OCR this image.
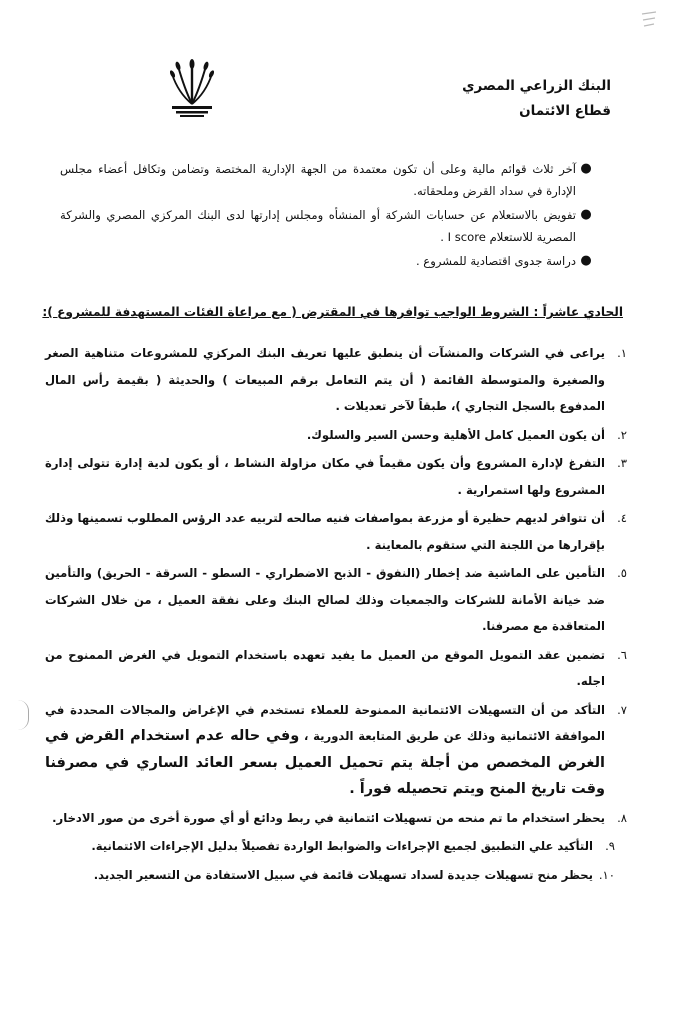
البنك الزراعي المصري
قطاع الائتمان
●
آخر ثلاث قوائم مالية وعلى أن تكون معتمدة من الجهة الإدارية المختصة وتضامن وتكافل أعضاء مجلس الإدارة في سداد القرض وملحقاته.
●
تفويض بالاستعلام عن حسابات الشركة أو المنشأه ومجلس إدارتها لدى البنك المركزي المصري والشركة المصرية للاستعلام I score .
●
دراسة جدوى اقتصادية للمشروع .
الحادي عاشراً : الشروط الواجب توافرها في المقترض ( مع مراعاة الفئات المستهدفة للمشروع ):
١.
يراعى في الشركات والمنشآت أن ينطبق عليها تعريف البنك المركزي للمشروعات متناهية الصغر والصغيرة والمتوسطة القائمة ( أن يتم التعامل برقم المبيعات ) والحديثة ( بقيمة رأس المال المدفوع بالسجل التجاري )، طبقاً لآخر تعديلات .
٢.
أن يكون العميل كامل الأهلية وحسن السير والسلوك.
٣.
التفرغ لإدارة المشروع وأن يكون مقيماً في مكان مزاولة النشاط ، أو يكون لدية إدارة تتولى إدارة المشروع ولها استمرارية .
٤.
أن تتوافر لديهم حظيرة أو مزرعة بمواصفات فنيه صالحه لتربيه عدد الرؤس المطلوب تسمينها وذلك بإقرارها من اللجنة التي ستقوم بالمعاينة .
٥.
التأمين على الماشية ضد إخطار (النفوق - الذبح الاضطراري - السطو - السرقة - الحريق) والتأمين ضد خيانة الأمانة للشركات والجمعيات وذلك لصالح البنك وعلى نفقة العميل ، من خلال الشركات المتعاقدة مع مصرفنا.
٦.
تضمين عقد التمويل الموقع من العميل ما يفيد تعهده باستخدام التمويل في الغرض الممنوح من اجله.
٧.
التأكد من أن التسهيلات الائتمانية الممنوحة للعملاء تستخدم في الإغراض والمجالات المحددة في الموافقة الائتمانية وذلك عن طريق المتابعة الدورية ، وفي حاله عدم استخدام القرض في الغرض المخصص من أجلة يتم تحميل العميل بسعر العائد الساري في مصرفنا وقت تاريخ المنح ويتم تحصيله فوراً .
٨.
يحظر استخدام ما تم منحه من تسهيلات ائتمانية في ربط ودائع أو أي صورة أخرى من صور الادخار.
٩.
التأكيد علي التطبيق لجميع الإجراءات والضوابط الواردة تفصيلاً بدليل الإجراءات الائتمانية.
١٠.
يحظر منح تسهيلات جديدة لسداد تسهيلات قائمة في سبيل الاستفادة من التسعير الجديد.
